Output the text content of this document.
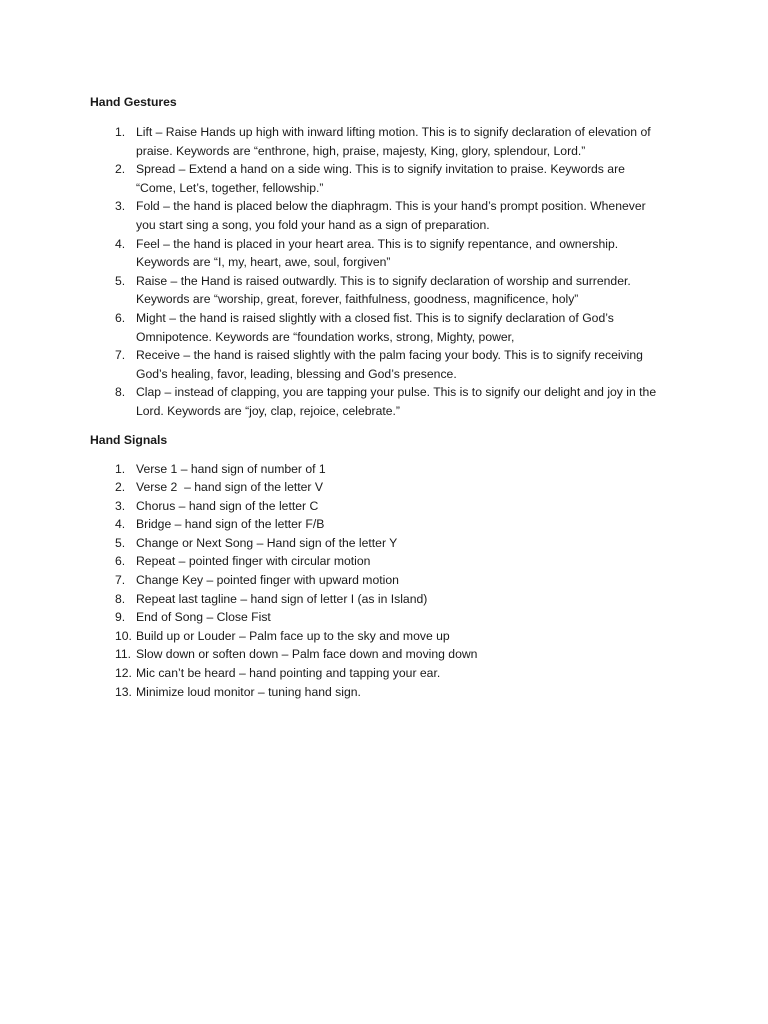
Hand Gestures
1. Lift – Raise Hands up high with inward lifting motion. This is to signify declaration of elevation of
praise. Keywords are “enthrone, high, praise, majesty, King, glory, splendour, Lord.”
2. Spread – Extend a hand on a side wing. This is to signify invitation to praise. Keywords are
“Come, Let’s, together, fellowship.”
3. Fold – the hand is placed below the diaphragm. This is your hand’s prompt position. Whenever
you start sing a song, you fold your hand as a sign of preparation.
4. Feel – the hand is placed in your heart area. This is to signify repentance, and ownership.
Keywords are “I, my, heart, awe, soul, forgiven”
5. Raise – the Hand is raised outwardly. This is to signify declaration of worship and surrender.
Keywords are “worship, great, forever, faithfulness, goodness, magnificence, holy”
6. Might – the hand is raised slightly with a closed fist. This is to signify declaration of God’s
Omnipotence. Keywords are “foundation works, strong, Mighty, power,
7. Receive – the hand is raised slightly with the palm facing your body. This is to signify receiving
God’s healing, favor, leading, blessing and God’s presence.
8. Clap – instead of clapping, you are tapping your pulse. This is to signify our delight and joy in the
Lord. Keywords are “joy, clap, rejoice, celebrate.”
Hand Signals
1. Verse 1 – hand sign of number of 1
2. Verse 2  – hand sign of the letter V
3. Chorus – hand sign of the letter C
4. Bridge – hand sign of the letter F/B
5. Change or Next Song – Hand sign of the letter Y
6. Repeat – pointed finger with circular motion
7. Change Key – pointed finger with upward motion
8. Repeat last tagline – hand sign of letter I (as in Island)
9. End of Song – Close Fist
10. Build up or Louder – Palm face up to the sky and move up
11. Slow down or soften down – Palm face down and moving down
12. Mic can’t be heard – hand pointing and tapping your ear.
13. Minimize loud monitor – tuning hand sign.
